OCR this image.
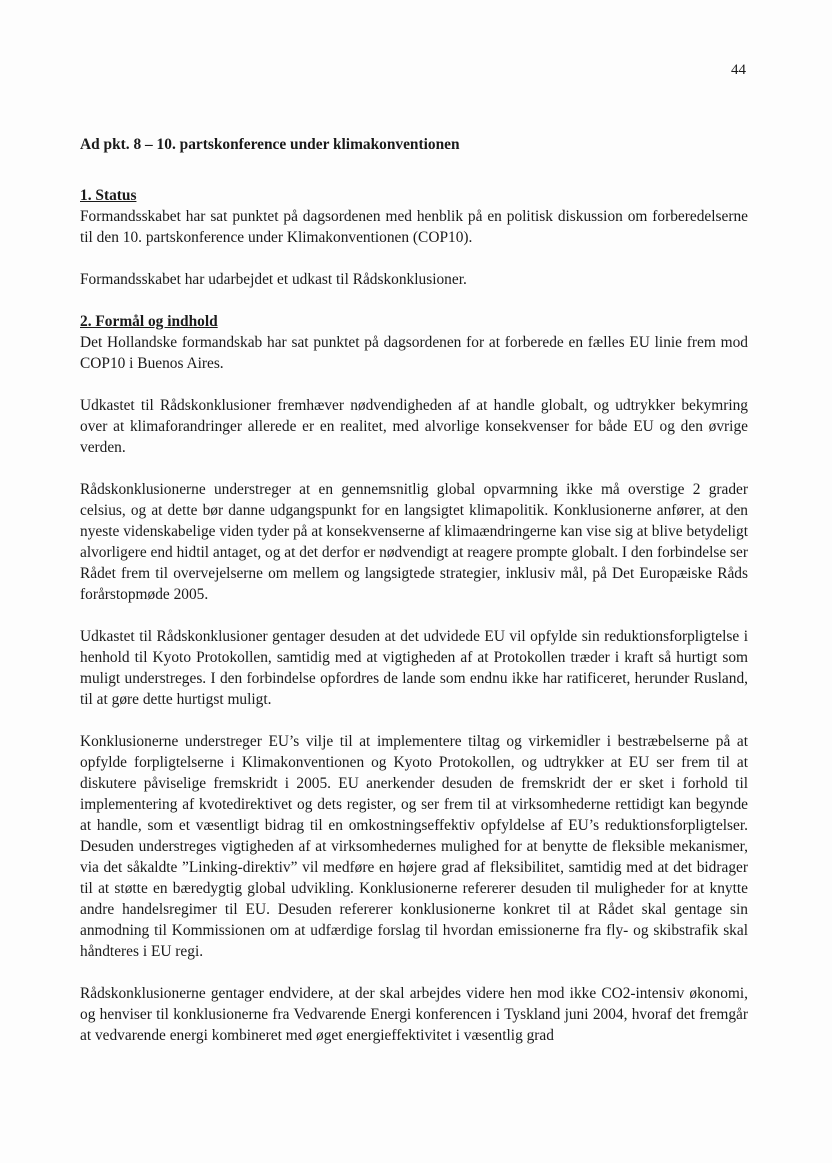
44

Ad pkt. 8 – 10. partskonference under klimakonventionen

1. Status

Formandsskabet har sat punktet på dagsordenen med henblik på en politisk diskussion om forberedelserne til den 10. partskonference under Klimakonventionen (COP10).

Formandsskabet har udarbejdet et udkast til Rådskonklusioner.

2. Formål og indhold

Det Hollandske formandskab har sat punktet på dagsordenen for at forberede en fælles EU linie frem mod COP10 i Buenos Aires.

Udkastet til Rådskonklusioner fremhæver nødvendigheden af at handle globalt, og udtrykker bekymring over at klimaforandringer allerede er en realitet, med alvorlige konsekvenser for både EU og den øvrige verden.

Rådskonklusionerne understreger at en gennemsnitlig global opvarmning ikke må overstige 2 grader celsius, og at dette bør danne udgangspunkt for en langsigtet klimapolitik. Konklusionerne anfører, at den nyeste videnskabelige viden tyder på at konsekvenserne af klimaændringerne kan vise sig at blive betydeligt alvorligere end hidtil antaget, og at det derfor er nødvendigt at reagere prompte globalt. I den forbindelse ser Rådet frem til overvejelserne om mellem og langsigtede strategier, inklusiv mål, på Det Europæiske Råds forårstopmøde 2005.

Udkastet til Rådskonklusioner gentager desuden at det udvidede EU vil opfylde sin reduktionsforpligtelse i henhold til Kyoto Protokollen, samtidig med at vigtigheden af at Protokollen træder i kraft så hurtigt som muligt understreges. I den forbindelse opfordres de lande som endnu ikke har ratificeret, herunder Rusland, til at gøre dette hurtigst muligt.

Konklusionerne understreger EU’s vilje til at implementere tiltag og virkemidler i bestræbelserne på at opfylde forpligtelserne i Klimakonventionen og Kyoto Protokollen, og udtrykker at EU ser frem til at diskutere påviselige fremskridt i 2005. EU anerkender desuden de fremskridt der er sket i forhold til implementering af kvotedirektivet og dets register, og ser frem til at virksomhederne rettidigt kan begynde at handle, som et væsentligt bidrag til en omkostningseffektiv opfyldelse af EU’s reduktionsforpligtelser. Desuden understreges vigtigheden af at virksomhedernes mulighed for at benytte de fleksible mekanismer, via det såkaldte ”Linking-direktiv” vil medføre en højere grad af fleksibilitet, samtidig med at det bidrager til at støtte en bæredygtig global udvikling. Konklusionerne refererer desuden til muligheder for at knytte andre handelsregimer til EU. Desuden refererer konklusionerne konkret til at Rådet skal gentage sin anmodning til Kommissionen om at udfærdige forslag til hvordan emissionerne fra fly- og skibstrafik skal håndteres i EU regi.

Rådskonklusionerne gentager endvidere, at der skal arbejdes videre hen mod ikke CO2-intensiv økonomi, og henviser til konklusionerne fra Vedvarende Energi konferencen i Tyskland juni 2004, hvoraf det fremgår at vedvarende energi kombineret med øget energieffektivitet i væsentlig grad
